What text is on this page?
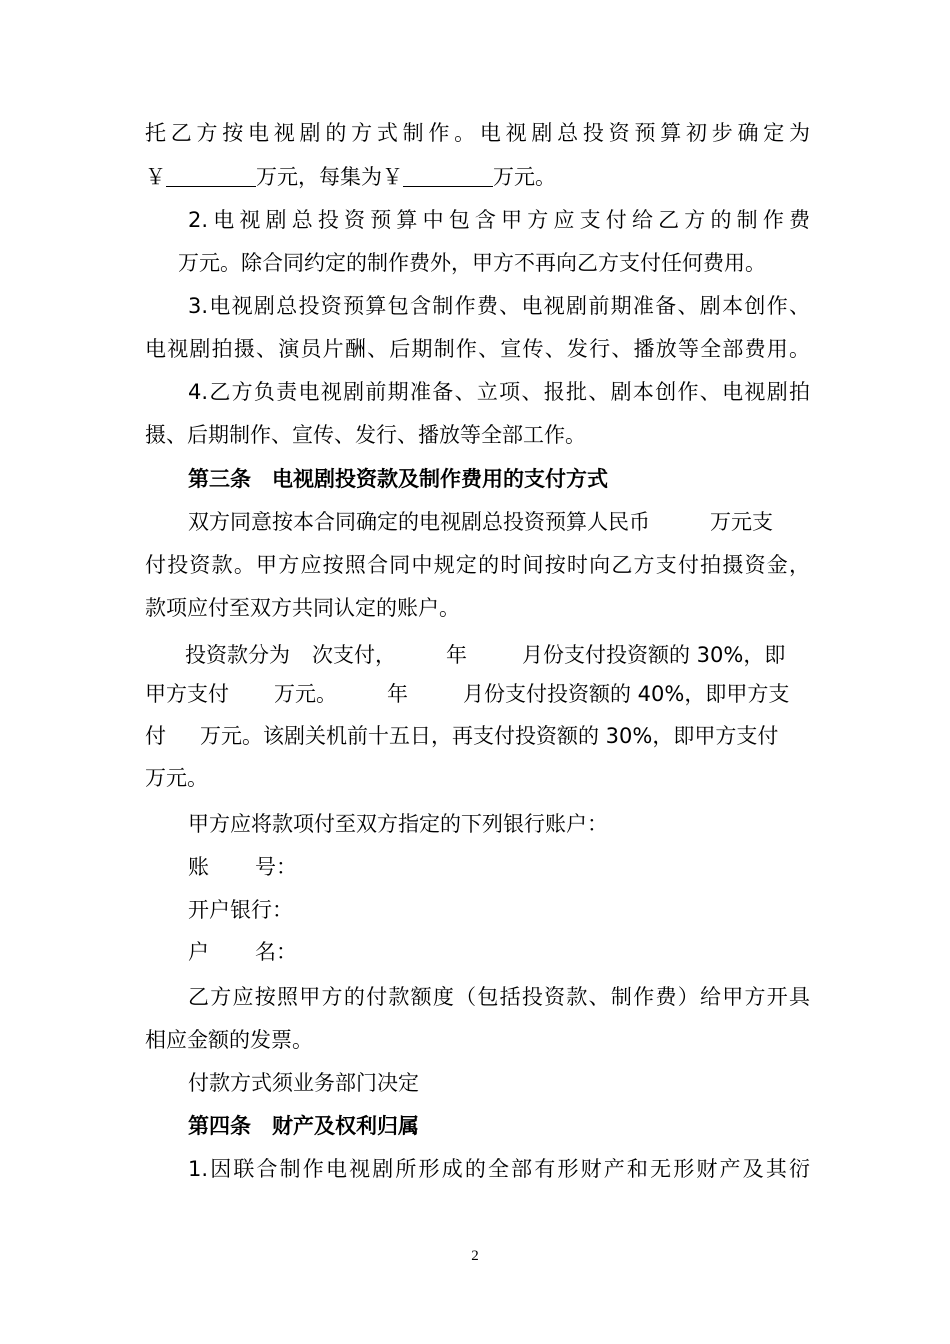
托乙方按电视剧的方式制作。电视剧总投资预算初步确定为
￥	万元，每集为￥	万元。
2.电视剧总投资预算中包含甲方应支付给乙方的制作费
万元。除合同约定的制作费外，甲方不再向乙方支付任何费用。
3.电视剧总投资预算包含制作费、电视剧前期准备、剧本创作、
电视剧拍摄、演员片酬、后期制作、宣传、发行、播放等全部费用。
4.乙方负责电视剧前期准备、立项、报批、剧本创作、电视剧拍
摄、后期制作、宣传、发行、播放等全部工作。
第三条　电视剧投资款及制作费用的支付方式
双方同意按本合同确定的电视剧总投资预算人民币	万元支
付投资款。甲方应按照合同中规定的时间按时向乙方支付拍摄资金，
款项应付至双方共同认定的账户。
投资款分为 次支付， 年	月份支付投资额的 30%，即
甲方支付 万元。 年	月份支付投资额的 40%，即甲方支
付 万元。该剧关机前十五日，再支付投资额的 30%，即甲方支付
万元。
甲方应将款项付至双方指定的下列银行账户：
账 号：
开户银行：
户 名：
乙方应按照甲方的付款额度（包括投资款、制作费）给甲方开具
相应金额的发票。
付款方式须业务部门决定
第四条　财产及权利归属
1.因联合制作电视剧所形成的全部有形财产和无形财产及其衍
2
